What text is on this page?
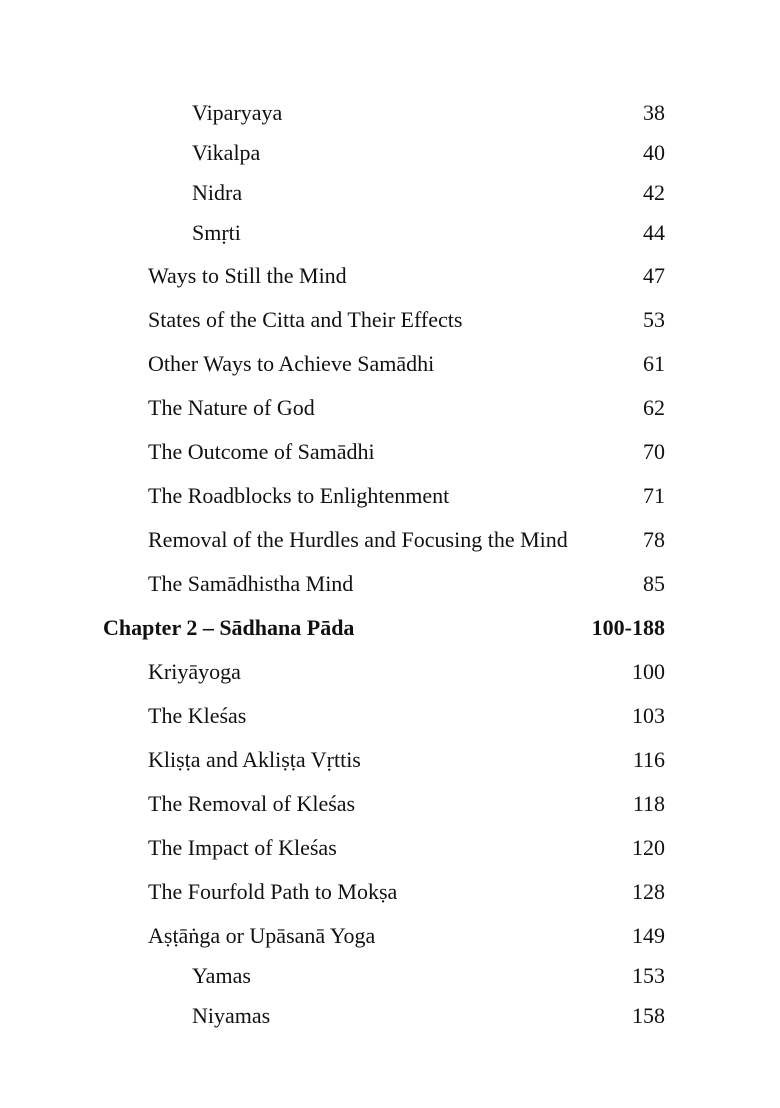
Viparyaya	38
Vikalpa	40
Nidra	42
Smṛti	44
Ways to Still the Mind	47
States of the Citta and Their Effects	53
Other Ways to Achieve Samādhi	61
The Nature of God	62
The Outcome of Samādhi	70
The Roadblocks to Enlightenment	71
Removal of the Hurdles and Focusing the Mind	78
The Samādhistha Mind	85
Chapter 2 – Sādhana Pāda	100-188
Kriyāyoga	100
The Kleśas	103
Kliṣṭa and Akliṣṭa Vṛttis	116
The Removal of Kleśas	118
The Impact of Kleśas	120
The Fourfold Path to Mokṣa	128
Aṣṭāṅga or Upāsanā Yoga	149
Yamas	153
Niyamas	158
